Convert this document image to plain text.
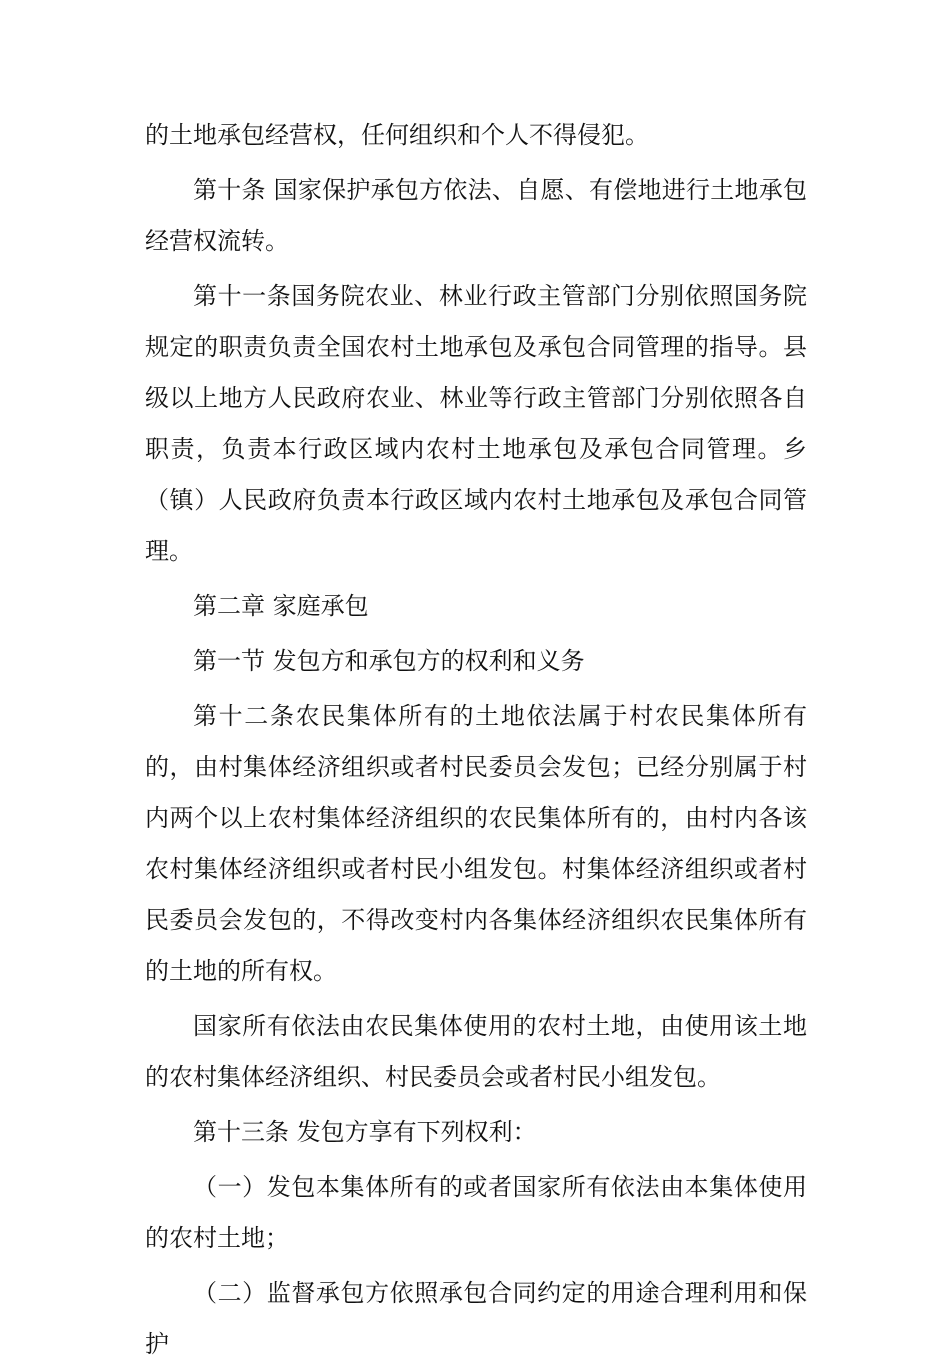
的土地承包经营权，任何组织和个人不得侵犯。

第十条 国家保护承包方依法、自愿、有偿地进行土地承包经营权流转。

第十一条国务院农业、林业行政主管部门分别依照国务院规定的职责负责全国农村土地承包及承包合同管理的指导。县级以上地方人民政府农业、林业等行政主管部门分别依照各自职责，负责本行政区域内农村土地承包及承包合同管理。乡（镇）人民政府负责本行政区域内农村土地承包及承包合同管理。

第二章 家庭承包

第一节 发包方和承包方的权利和义务

第十二条农民集体所有的土地依法属于村农民集体所有的，由村集体经济组织或者村民委员会发包；已经分别属于村内两个以上农村集体经济组织的农民集体所有的，由村内各该农村集体经济组织或者村民小组发包。村集体经济组织或者村民委员会发包的，不得改变村内各集体经济组织农民集体所有的土地的所有权。

国家所有依法由农民集体使用的农村土地，由使用该土地的农村集体经济组织、村民委员会或者村民小组发包。

第十三条 发包方享有下列权利：

（一）发包本集体所有的或者国家所有依法由本集体使用的农村土地；

（二）监督承包方依照承包合同约定的用途合理利用和保护
